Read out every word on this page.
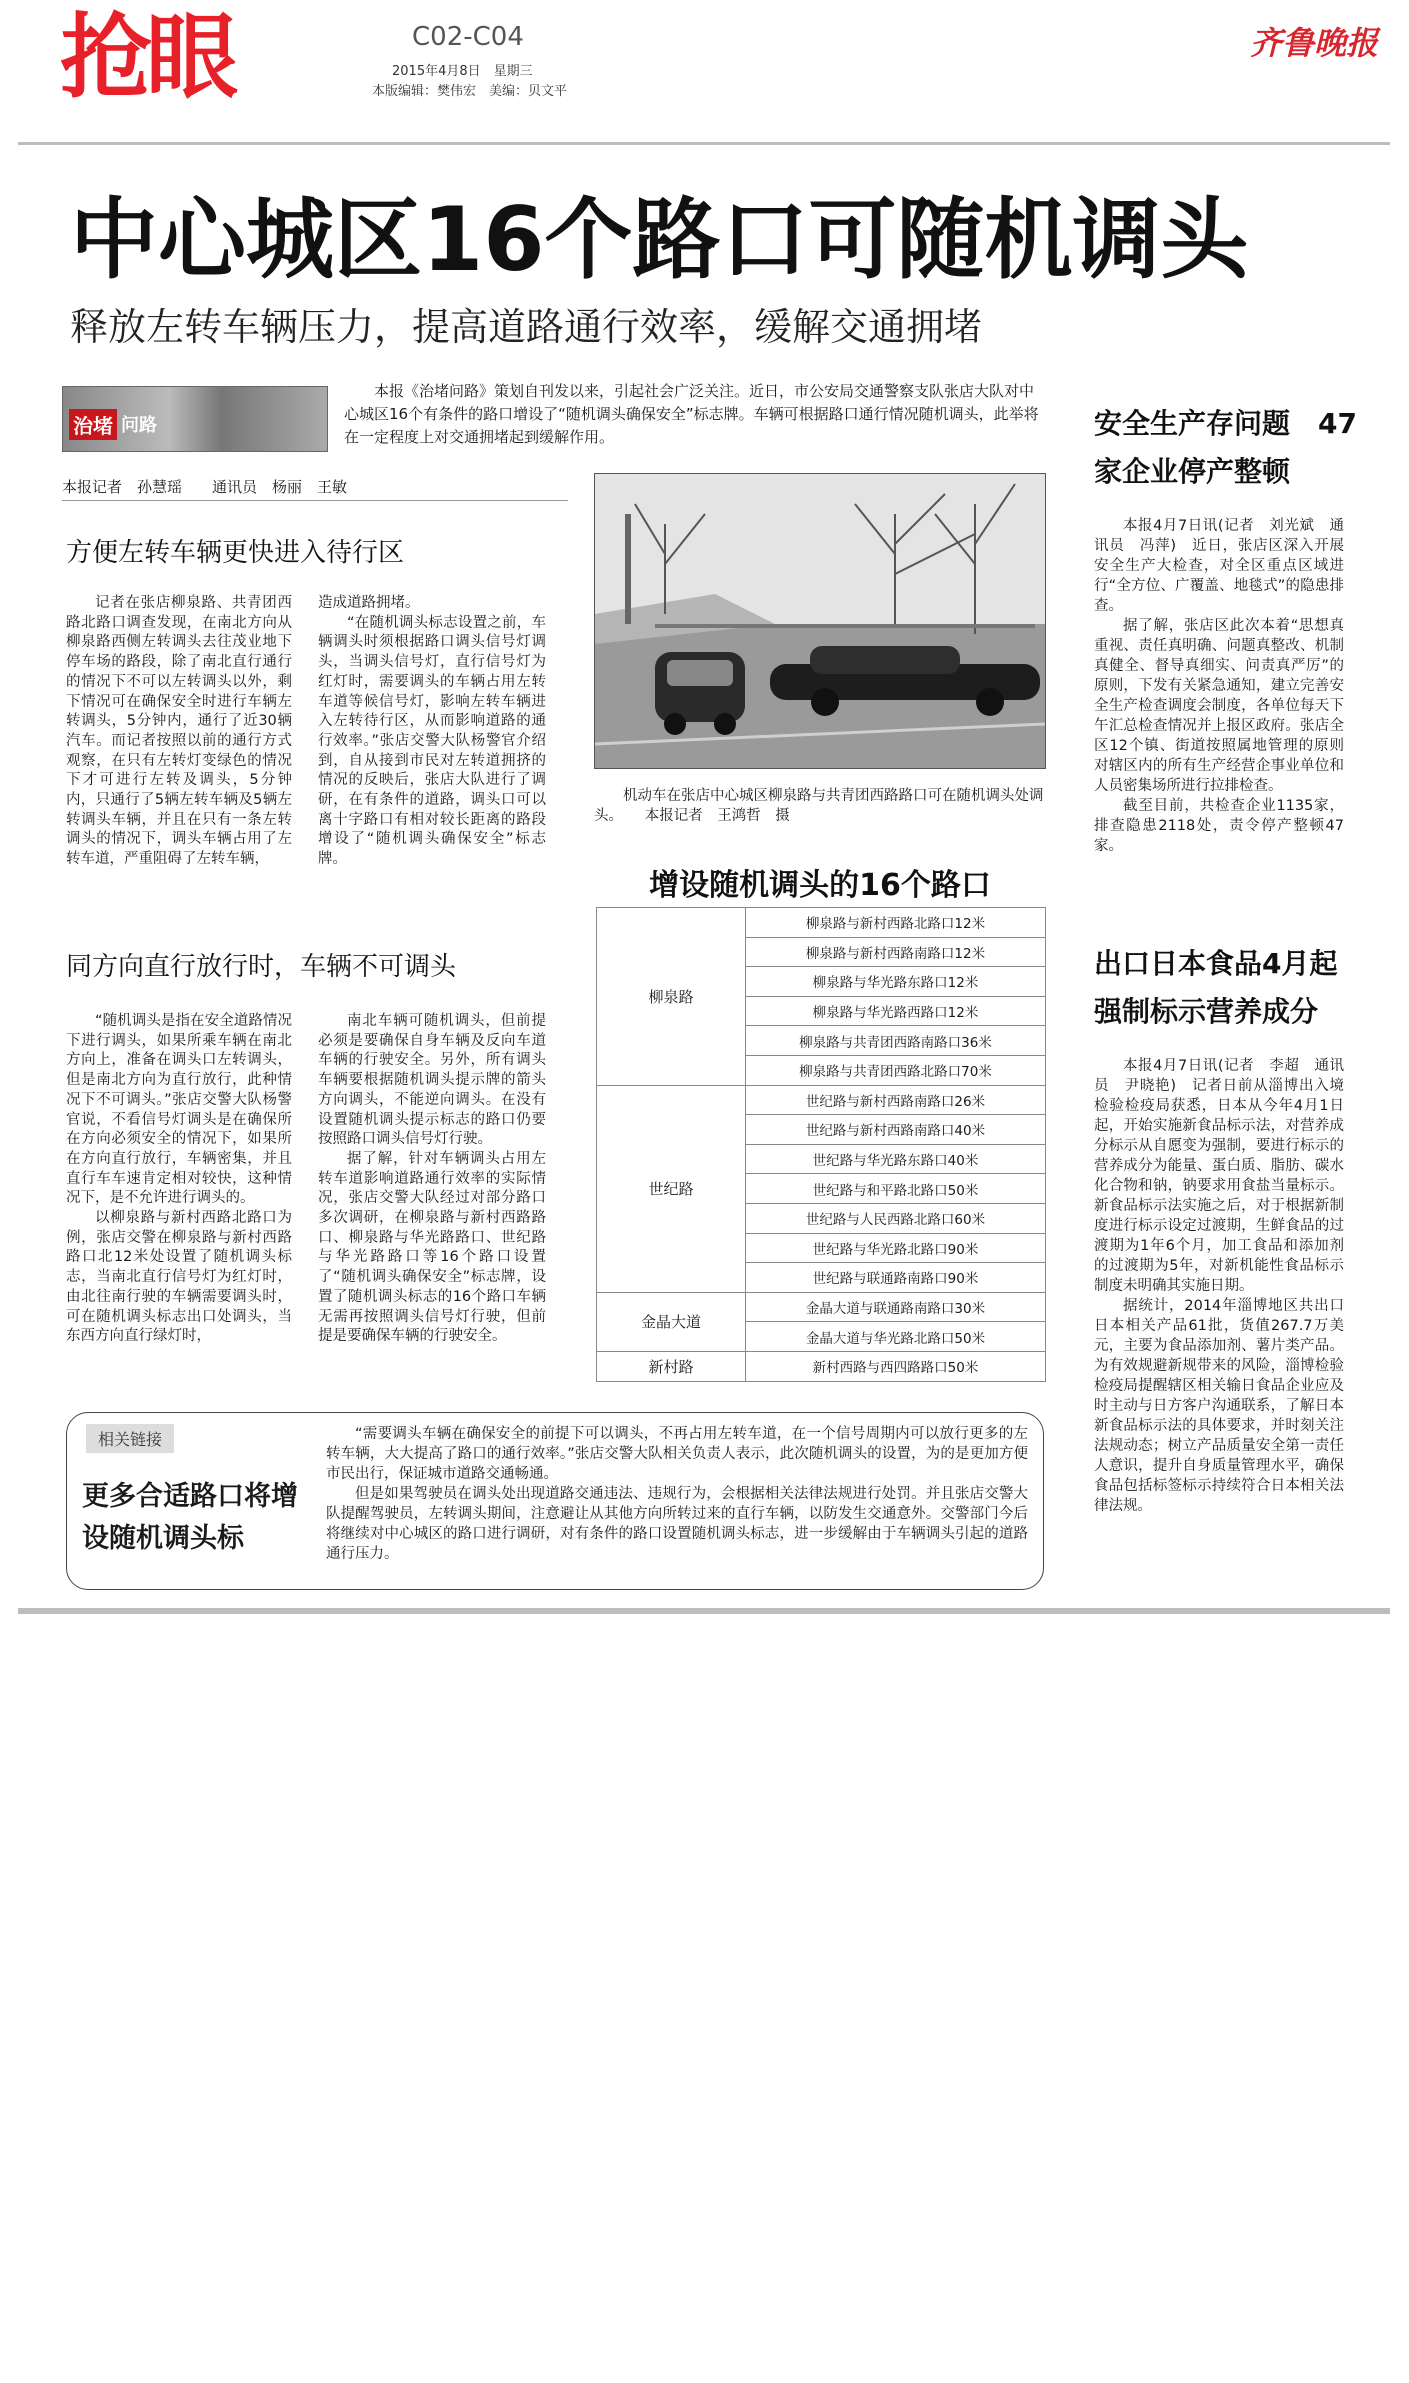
抢眼	C02-C04
2015年4月8日　星期三
本版编辑：樊伟宏　美编：贝文平
齐鲁晚报
中心城区16个路口可随机调头
释放左转车辆压力，提高道路通行效率，缓解交通拥堵
治堵 问路
本报《治堵问路》策划自刊发以来，引起社会广泛关注。近日，市公安局交通警察支队张店大队对中心城区16个有条件的路口增设了“随机调头确保安全”标志牌。车辆可根据路口通行情况随机调头，此举将在一定程度上对交通拥堵起到缓解作用。
本报记者　孙慧瑶　　通讯员　杨丽　王敏
方便左转车辆更快进入待行区

记者在张店柳泉路、共青团西路北路口调查发现，在南北方向从柳泉路西侧左转调头去往茂业地下停车场的路段，除了南北直行通行的情况下不可以左转调头以外，剩下情况可在确保安全时进行车辆左转调头，5分钟内，通行了近30辆汽车。而记者按照以前的通行方式观察，在只有左转灯变绿色的情况下才可进行左转及调头，5分钟内，只通行了5辆左转车辆及5辆左转调头车辆，并且在只有一条左转调头的情况下，调头车辆占用了左转车道，严重阻碍了左转车辆，

造成道路拥堵。

“在随机调头标志设置之前，车辆调头时须根据路口调头信号灯调头，当调头信号灯，直行信号灯为红灯时，需要调头的车辆占用左转车道等候信号灯，影响左转车辆进入左转待行区，从而影响道路的通行效率。”张店交警大队杨警官介绍到，自从接到市民对左转道拥挤的情况的反映后，张店大队进行了调研，在有条件的道路，调头口可以离十字路口有相对较长距离的路段增设了“随机调头确保安全”标志牌。

同方向直行放行时，车辆不可调头

“随机调头是指在安全道路情况下进行调头，如果所乘车辆在南北方向上，准备在调头口左转调头，但是南北方向为直行放行，此种情况下不可调头。”张店交警大队杨警官说，不看信号灯调头是在确保所在方向必须安全的情况下，如果所在方向直行放行，车辆密集，并且直行车车速肯定相对较快，这种情况下，是不允许进行调头的。

以柳泉路与新村西路北路口为例，张店交警在柳泉路与新村西路路口北12米处设置了随机调头标志，当南北直行信号灯为红灯时，由北往南行驶的车辆需要调头时，可在随机调头标志出口处调头，当东西方向直行绿灯时，

南北车辆可随机调头，但前提必须是要确保自身车辆及反向车道车辆的行驶安全。另外，所有调头车辆要根据随机调头提示牌的箭头方向调头，不能逆向调头。在没有设置随机调头提示标志的路口仍要按照路口调头信号灯行驶。

据了解，针对车辆调头占用左转车道影响道路通行效率的实际情况，张店交警大队经过对部分路口多次调研，在柳泉路与新村西路路口、柳泉路与华光路路口、世纪路与华光路路口等16个路口设置了“随机调头确保安全”标志牌，设置了随机调头标志的16个路口车辆无需再按照调头信号灯行驶，但前提是要确保车辆的行驶安全。

机动车在张店中心城区柳泉路与共青团西路路口可在随机调头处调头。　　本报记者　王鸿哲　摄
增设随机调头的16个路口
柳泉路	柳泉路与新村西路北路口12米
	柳泉路与新村西路南路口12米
	柳泉路与华光路东路口12米
	柳泉路与华光路西路口12米
	柳泉路与共青团西路南路口36米
	柳泉路与共青团西路北路口70米
世纪路	世纪路与新村西路南路口26米
	世纪路与新村西路南路口40米
	世纪路与华光路东路口40米
	世纪路与和平路北路口50米
	世纪路与人民西路北路口60米
	世纪路与华光路北路口90米
	世纪路与联通路南路口90米
金晶大道	金晶大道与联通路南路口30米
	金晶大道与华光路北路口50米
新村路	新村西路与西四路路口50米
安全生产存问题　47家企业停产整顿

本报4月7日讯(记者　刘光斌　通讯员　冯萍)　近日，张店区深入开展安全生产大检查，对全区重点区域进行“全方位、广覆盖、地毯式”的隐患排查。

据了解，张店区此次本着“思想真重视、责任真明确、问题真整改、机制真健全、督导真细实、问责真严厉”的原则，下发有关紧急通知，建立完善安全生产检查调度会制度，各单位每天下午汇总检查情况并上报区政府。张店全区12个镇、街道按照属地管理的原则对辖区内的所有生产经营企事业单位和人员密集场所进行拉排检查。

截至目前，共检查企业1135家，排查隐患2118处，责令停产整顿47家。

出口日本食品4月起　强制标示营养成分

本报4月7日讯(记者　李超　通讯员　尹晓艳)　记者日前从淄博出入境检验检疫局获悉，日本从今年4月1日起，开始实施新食品标示法，对营养成分标示从自愿变为强制，要进行标示的营养成分为能量、蛋白质、脂肪、碳水化合物和钠，钠要求用食盐当量标示。新食品标示法实施之后，对于根据新制度进行标示设定过渡期，生鲜食品的过渡期为1年6个月，加工食品和添加剂的过渡期为5年，对新机能性食品标示制度未明确其实施日期。

据统计，2014年淄博地区共出口日本相关产品61批，货值267.7万美元，主要为食品添加剂、薯片类产品。为有效规避新规带来的风险，淄博检验检疫局提醒辖区相关输日食品企业应及时主动与日方客户沟通联系，了解日本新食品标示法的具体要求，并时刻关注法规动态；树立产品质量安全第一责任人意识，提升自身质量管理水平，确保食品包括标签标示持续符合日本相关法律法规。

相关链接
更多合适路口将增设随机调头标

“需要调头车辆在确保安全的前提下可以调头，不再占用左转车道，在一个信号周期内可以放行更多的左转车辆，大大提高了路口的通行效率。”张店交警大队相关负责人表示，此次随机调头的设置，为的是更加方便市民出行，保证城市道路交通畅通。

但是如果驾驶员在调头处出现道路交通违法、违规行为，会根据相关法律法规进行处罚。并且张店交警大队提醒驾驶员，左转调头期间，注意避让从其他方向所转过来的直行车辆，以防发生交通意外。交警部门今后将继续对中心城区的路口进行调研，对有条件的路口设置随机调头标志，进一步缓解由于车辆调头引起的道路通行压力。
